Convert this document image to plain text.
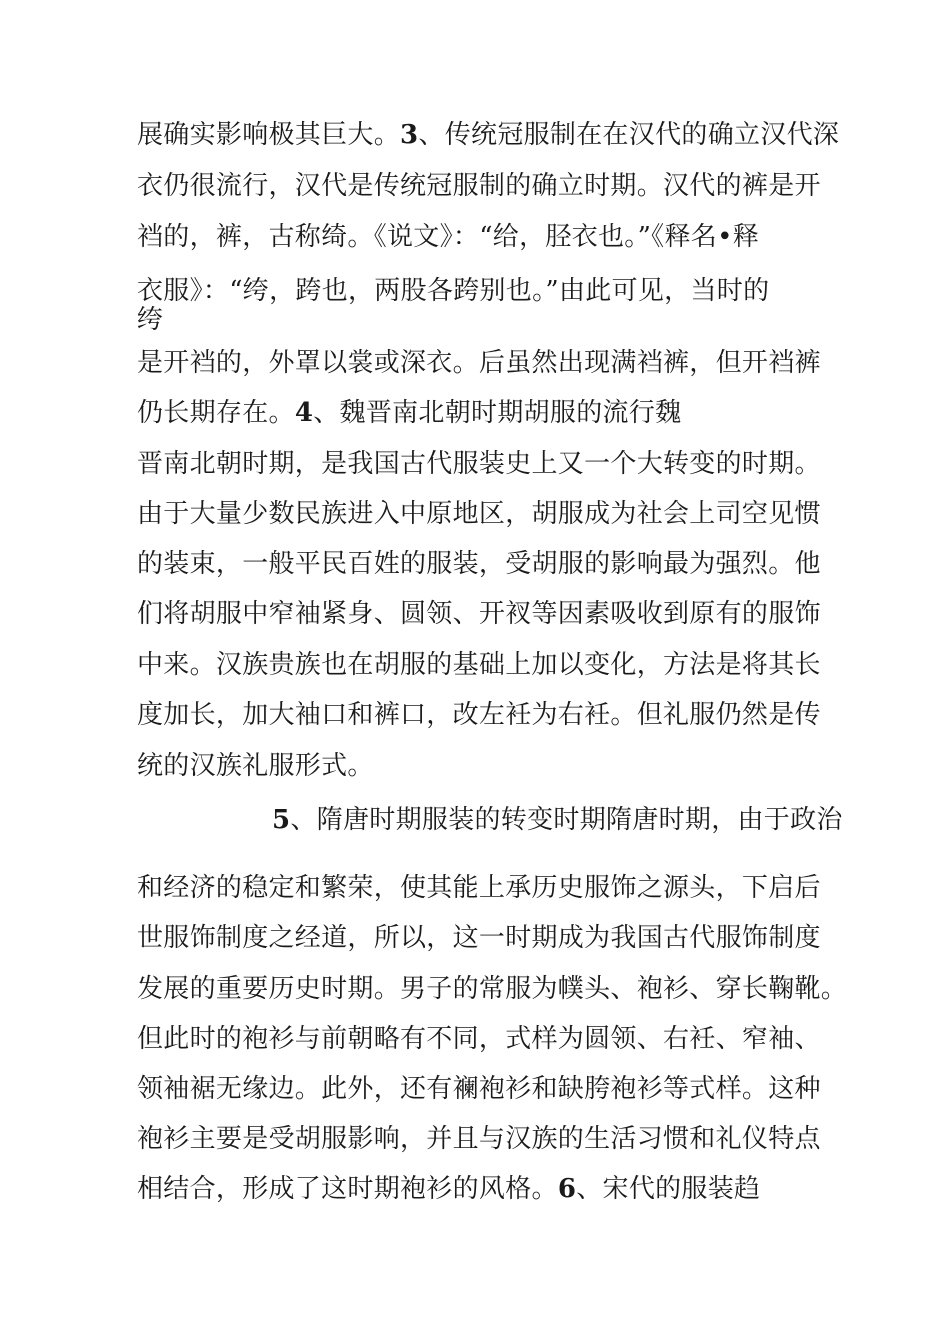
展确实影响极其巨大。3、传统冠服制在在汉代的确立汉代深
衣仍很流行，汉代是传统冠服制的确立时期。汉代的裤是开
裆的，裤，古称绮。《说文》：“给，胫衣也。”《释名•释
衣服》：“绔，跨也，两股各跨别也。”由此可见，当时的
绔
是开裆的，外罩以裳或深衣。后虽然出现满裆裤，但开裆裤
仍长期存在。4、魏晋南北朝时期胡服的流行魏
晋南北朝时期，是我国古代服装史上又一个大转变的时期。
由于大量少数民族进入中原地区，胡服成为社会上司空见惯
的装束，一般平民百姓的服装，受胡服的影响最为强烈。他
们将胡服中窄袖紧身、圆领、开衩等因素吸收到原有的服饰
中来。汉族贵族也在胡服的基础上加以变化，方法是将其长
度加长，加大袖口和裤口，改左衽为右衽。但礼服仍然是传
统的汉族礼服形式。
5、隋唐时期服装的转变时期隋唐时期，由于政治
和经济的稳定和繁荣，使其能上承历史服饰之源头，下启后
世服饰制度之经道，所以，这一时期成为我国古代服饰制度
发展的重要历史时期。男子的常服为幞头、袍衫、穿长鞠靴。
但此时的袍衫与前朝略有不同，式样为圆领、右衽、窄袖、
领袖裾无缘边。此外，还有襕袍衫和缺胯袍衫等式样。这种
袍衫主要是受胡服影响，并且与汉族的生活习惯和礼仪特点
相结合，形成了这时期袍衫的风格。6、宋代的服装趋
